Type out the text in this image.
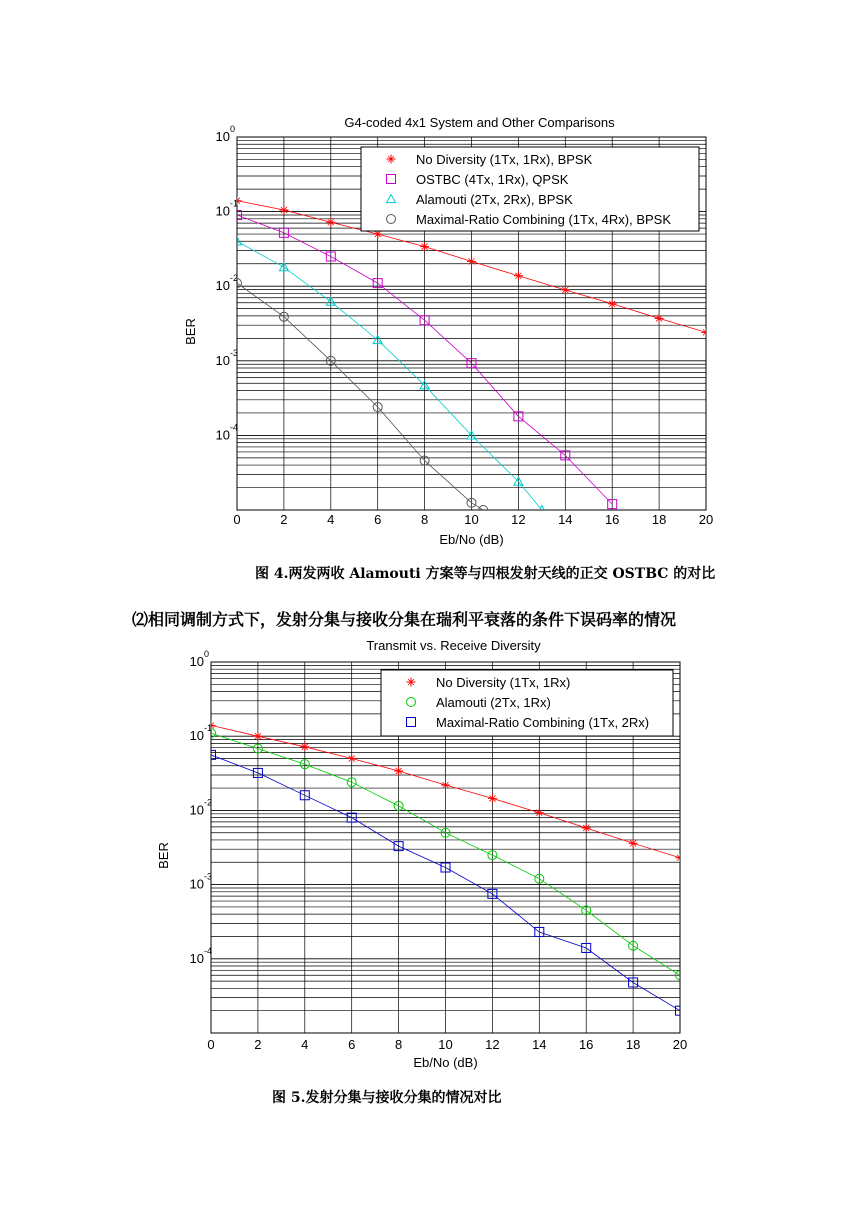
0	2	4	6	8	10 12 14 16 18 20
10 0
10 -1
10 -2
10 -3
10 -4
G4-coded 4x1 System and Other Comparisons
Eb/No (dB)
BER
No Diversity (1Tx, 1Rx), BPSK
OSTBC (4Tx, 1Rx), QPSK
Alamouti (2Tx, 2Rx), BPSK
Maximal-Ratio Combining (1Tx, 4Rx), BPSK
0	2	4	6	8	10 12 14 16 18 20
10 0
10 -1
10 -2
10 -3
10 -4
Transmit vs. Receive Diversity
Eb/No (dB)
BER
No Diversity (1Tx, 1Rx)
Alamouti (2Tx, 1Rx)
Maximal-Ratio Combining (1Tx, 2Rx)
图 4.两发两收 Alamouti 方案等与四根发射天线的正交 OSTBC 的对比
⑵相同调制方式下，发射分集与接收分集在瑞利平衰落的条件下误码率的情况
图 5.发射分集与接收分集的情况对比
